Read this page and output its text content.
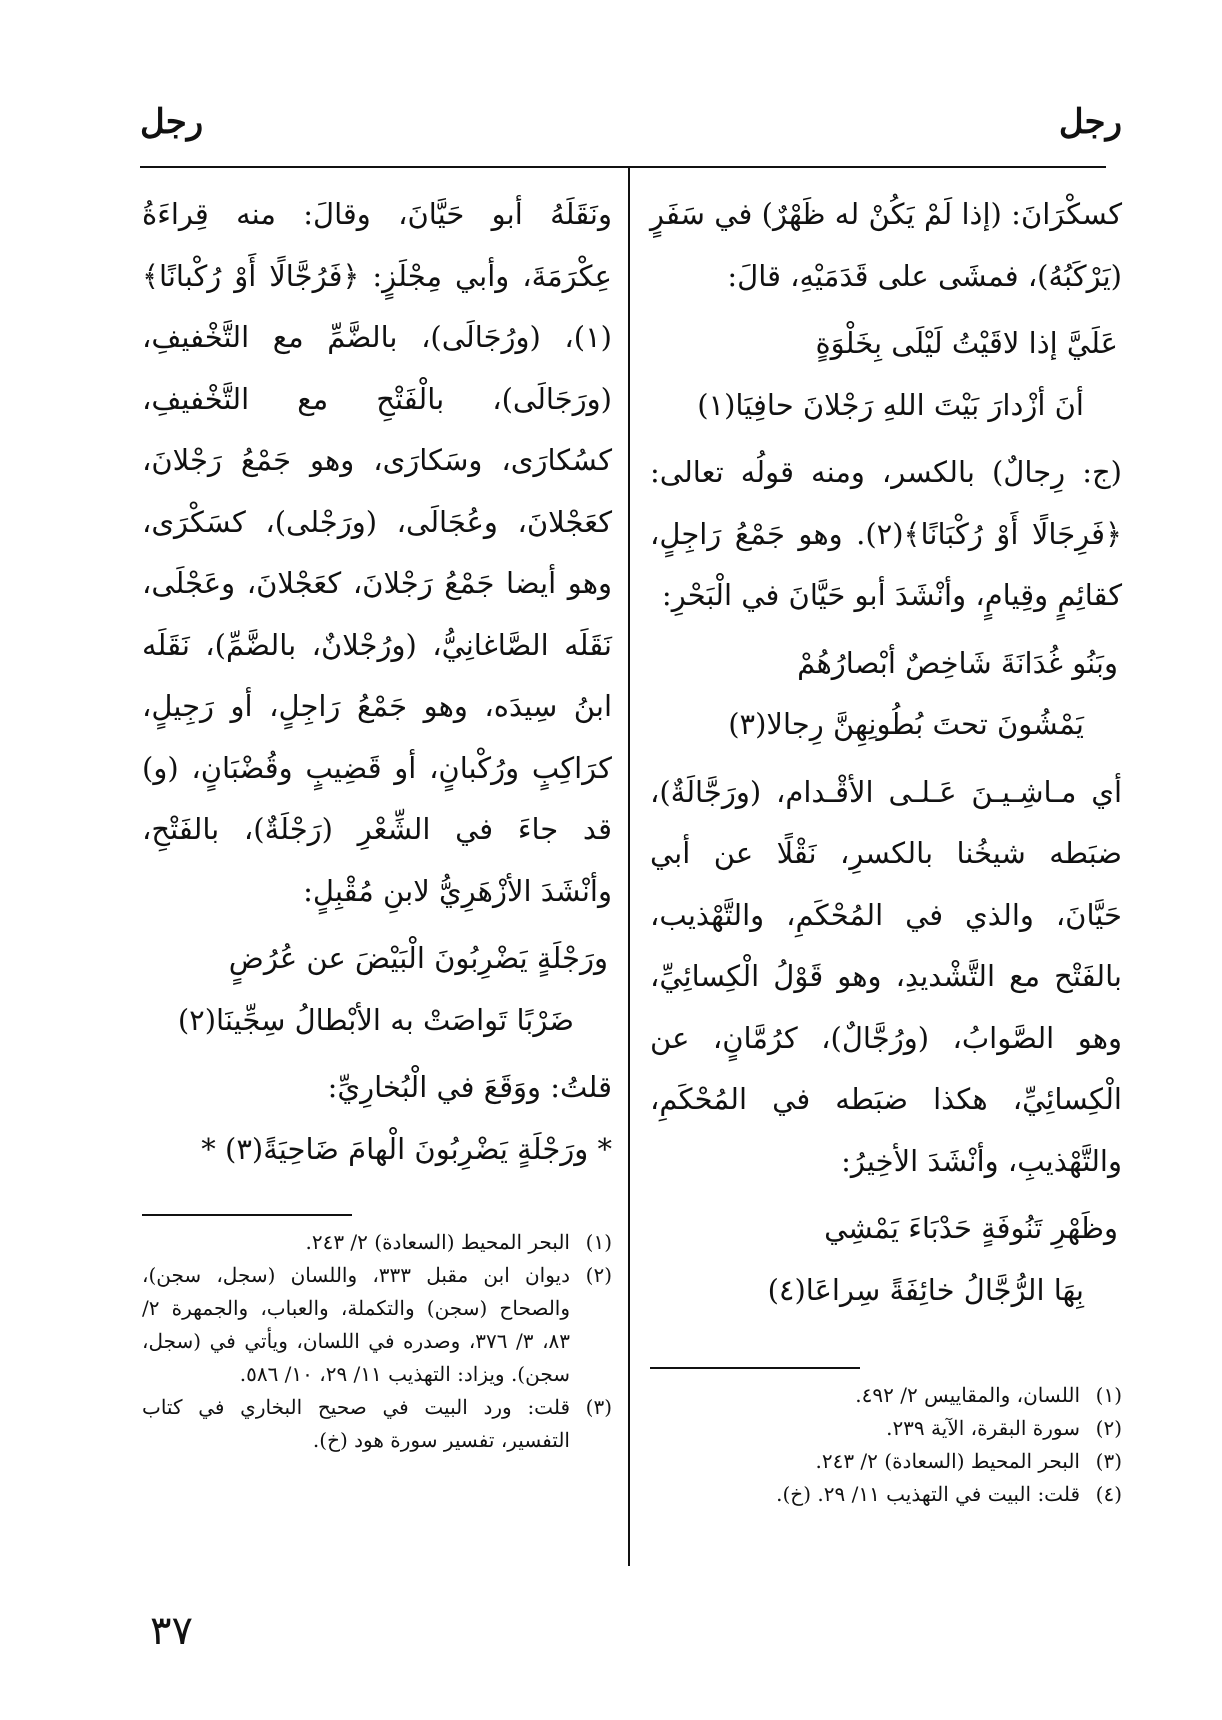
رجل
رجل

كسكْرَانَ: (إذا لَمْ يَكُنْ له ظَهْرٌ) في سَفَرٍ (يَرْكَبُهُ)، فمشَى على قَدَمَيْهِ، قالَ:

عَلَيَّ إذا لاقَيْتُ لَيْلَى بِخَلْوَةٍ
أنَ أزْدارَ بَيْتَ اللهِ رَجْلانَ حافِيَا(١)

(ج: رِجالٌ) بالكسر، ومنه قولُه تعالى: ﴿فَرِجَالًا أَوْ رُكْبَانًا﴾(٢). وهو جَمْعُ رَاجِلٍ، كقائِمٍ وقِيامٍ، وأنْشَدَ أبو حَيَّانَ في الْبَحْرِ:

وبَنُو غُدَانَةَ شَاخِصٌ أبْصارُهُمْ
يَمْشُونَ تحتَ بُطُونِهِنَّ رِجالا(٣)

أي مـاشِـيـنَ عَـلـى الأقْـدام، (ورَجَّالَةٌ)، ضبَطه شيخُنا بالكسرِ، نَقْلًا عن أبي حَيَّانَ، والذي في المُحْكَمِ، والتَّهْذيب، بالفَتْح مع التَّشْديدِ، وهو قَوْلُ الْكِسائِيِّ، وهو الصَّوابُ، (ورُجَّالٌ)، كرُمَّانٍ، عن الْكِسائِيِّ، هكذا ضبَطه في المُحْكَمِ، والتَّهْذيبِ، وأنْشَدَ الأخِيرُ:

وظَهْرِ تَنُوفَةٍ حَدْبَاءَ يَمْشِي
بِهَا الرُّجَّالُ خائِفَةً سِراعَا(٤)
(١)
اللسان، والمقاييس ٢/ ٤٩٢.
(٢)
سورة البقرة، الآية ٢٣٩.
(٣)
البحر المحيط (السعادة) ٢/ ٢٤٣.
(٤)
قلت: البيت في التهذيب ١١/ ٢٩. (خ).

ونَقَلَهُ أبو حَيَّانَ، وقالَ: منه قِراءَةُ عِكْرَمَةَ، وأبي مِجْلَزٍ: ﴿فَرُجَّالًا أَوْ رُكْبانًا﴾(١)، (ورُجَالَى)، بالضَّمِّ مع التَّخْفيفِ، (ورَجَالَى)، بالْفَتْحِ مع التَّخْفيفِ، كسُكارَى، وسَكارَى، وهو جَمْعُ رَجْلانَ، كعَجْلانَ، وعُجَالَى، (ورَجْلى)، كسَكْرَى، وهو أيضا جَمْعُ رَجْلانَ، كعَجْلانَ، وعَجْلَى، نَقَلَه الصَّاغانِيُّ، (ورُجْلانٌ، بالضَّمِّ)، نَقَلَه ابنُ سِيدَه، وهو جَمْعُ رَاجِلٍ، أو رَجِيلٍ، كرَاكِبٍ ورُكْبانٍ، أو قَضِيبٍ وقُضْبَانٍ، (و) قد جاءَ في الشِّعْرِ (رَجْلَةٌ)، بالفَتْحِ، وأنْشَدَ الأزْهَرِيُّ لابنِ مُقْبِلٍ:

ورَجْلَةٍ يَضْرِبُونَ الْبَيْضَ عن عُرُضٍ
ضَرْبًا تَواصَتْ به الأبْطالُ سِجِّينَا(٢)

قلتُ: ووَقَعَ في الْبُخارِيِّ:

* ورَجْلَةٍ يَضْرِبُونَ الْهامَ ضَاحِيَةً(٣) *

(١)
البحر المحيط (السعادة) ٢/ ٢٤٣.
(٢)
ديوان ابن مقبل ٣٣٣، واللسان (سجل، سجن)، والصحاح (سجن) والتكملة، والعباب، والجمهرة ٢/ ٨٣، ٣/ ٣٧٦، وصدره في اللسان، ويأتي في (سجل، سجن). ويزاد: التهذيب ١١/ ٢٩، ١٠/ ٥٨٦.
(٣)
قلت: ورد البيت في صحيح البخاري في كتاب التفسير، تفسير سورة هود (خ).
٣٧
